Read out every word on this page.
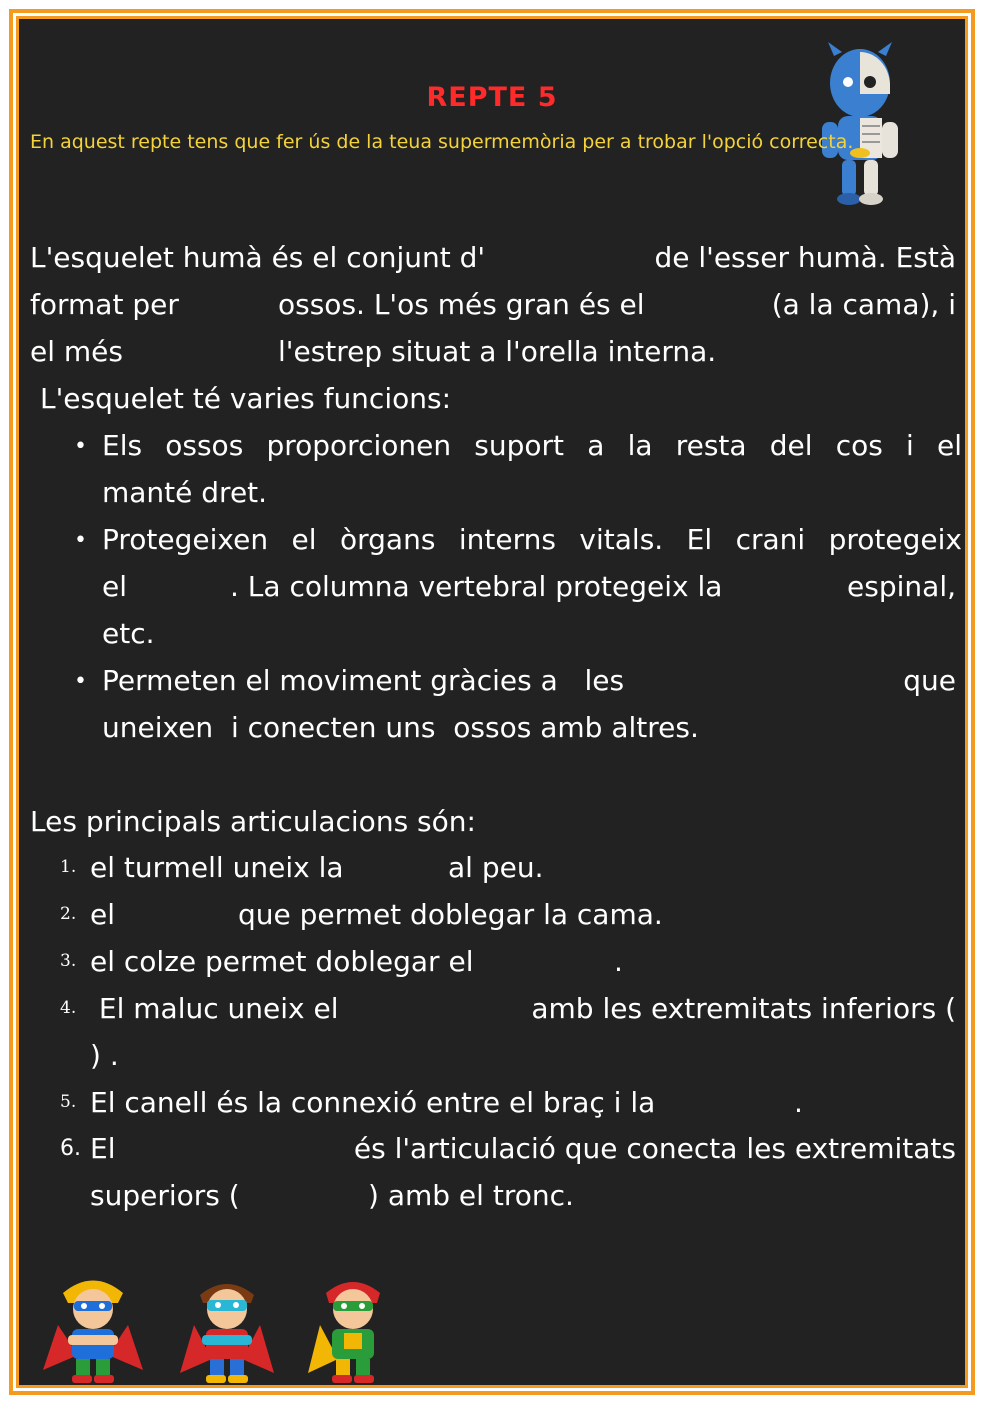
REPTE 5
En aquest repte tens que fer ús de la teua supermemòria per a trobar l'opció correcta.
L'esquelet humà és el conjunt d'	de l'esser humà. Està
format per	ossos. L'os més gran és el	(a la cama), i
el més	l'estrep situat a l'orella interna.
L'esquelet té varies funcions:
• Els ossos proporcionen suport a la resta del cos i el
manté dret.
• Protegeixen el òrgans interns vitals. El crani protegeix
el	. La columna vertebral protegeix la	espinal,
etc.
• Permeten el moviment gràcies a   les	que
uneixen  i conecten uns  ossos amb altres.
Les principals articulacions són:
1. el turmell uneix la	al peu.
2. el	que permet doblegar la cama.
3. el colze permet doblegar el	.
4. El maluc uneix el	amb les extremitats inferiors (
) .
5. El canell és la connexió entre el braç i la	.
6. El	és l'articulació que conecta les extremitats
superiors (	) amb el tronc.
